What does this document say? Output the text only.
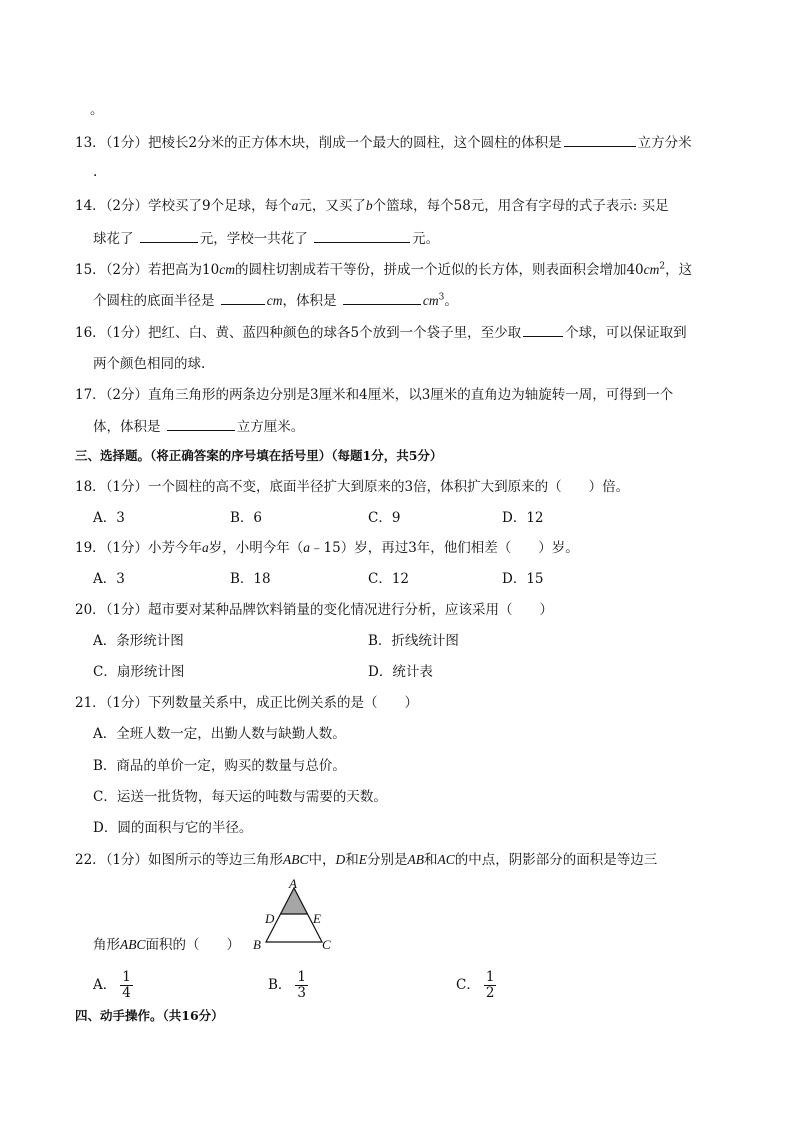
。
13．（1分）把棱长2分米的正方体木块，削成一个最大的圆柱，这个圆柱的体积是	立方分米
.
14．（2分）学校买了9个足球，每个a元，又买了b个篮球，每个58元，用含有字母的式子表示: 买足
球花了	元，学校一共花了	元。
15．（2分）若把高为10cm的圆柱切割成若干等份，拼成一个近似的长方体，则表面积会增加$40cm^2$，这
个圆柱的底面半径是	cm，体积是	$cm^3$。
16．（1分）把红、白、黄、蓝四种颜色的球各5个放到一个袋子里，至少取	个球，可以保证取到
两个颜色相同的球.
17．（2分）直角三角形的两条边分别是3厘米和4厘米，以3厘米的直角边为轴旋转一周，可得到一个
体，体积是	立方厘米。
三、选择题。（将正确答案的序号填在括号里）（每题1分，共5分）
18．（1分）一个圆柱的高不变，底面半径扩大到原来的3倍，体积扩大到原来的（　　）倍。
A．3	B．6	C．9	D．12
19．（1分）小芳今年a岁，小明今年（a﹣15）岁，再过3年，他们相差（　　）岁。
A．3	B．18	C．12	D．15
20．（1分）超市要对某种品牌饮料销量的变化情况进行分析，应该采用（　　）
A．条形统计图	B．折线统计图
C．扇形统计图	D．统计表
21．（1分）下列数量关系中，成正比例关系的是（　　）
A．全班人数一定，出勤人数与缺勤人数。
B．商品的单价一定，购买的数量与总价。
C．运送一批货物，每天运的吨数与需要的天数。
D．圆的面积与它的半径。
22．（1分）如图所示的等边三角形ABC中，D和E分别是AB和AC的中点，阴影部分的面积是等边三
A
D	E
B	C
角形ABC面积的（　　）
A． $\frac{1}{4}$	B． $\frac{1}{3}$	C． $\frac{1}{2}$
四、动手操作。（共16分）
